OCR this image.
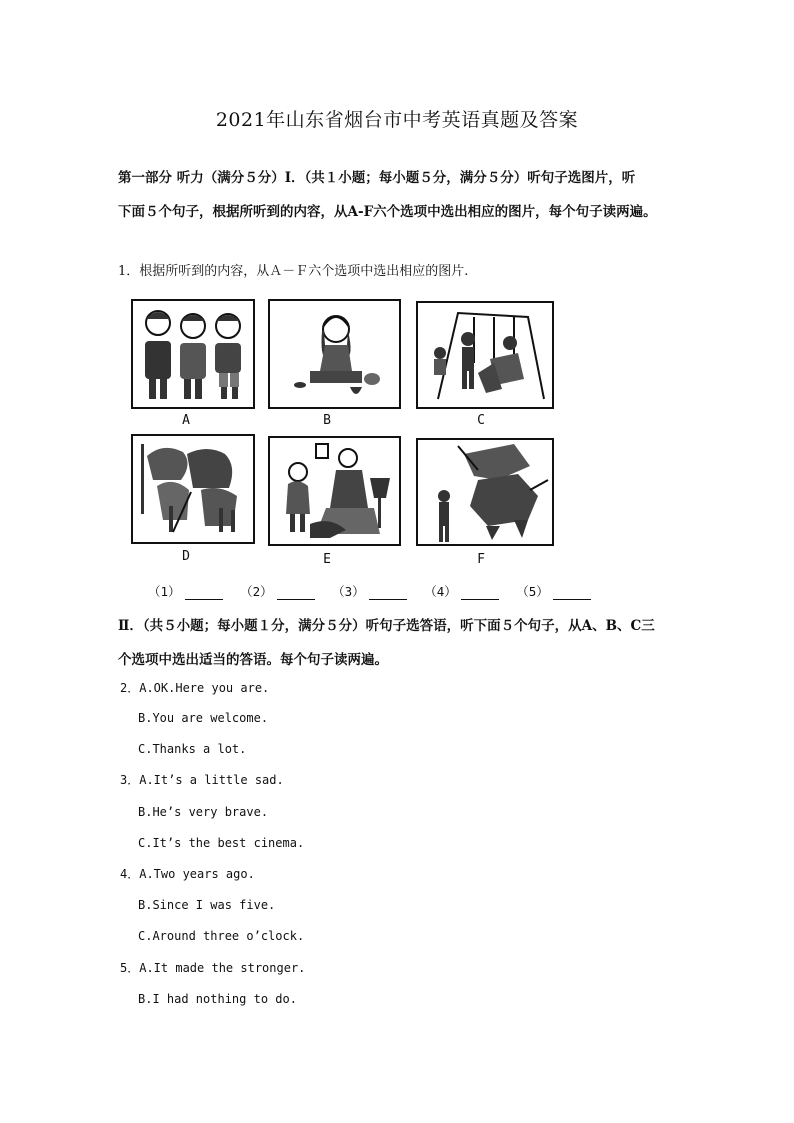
2021年山东省烟台市中考英语真题及答案
第一部分 听力（满分５分）Ⅰ．（共１小题；每小题５分，满分５分）听句子选图片，听
下面５个句子，根据所听到的内容，从A-F六个选项中选出相应的图片，每个句子读两遍。
1．根据所听到的内容，从Ａ－Ｆ六个选项中选出相应的图片.
A	B	C
D	E	F
（1）	（2）	（3）	（4）	（5）
Ⅱ．（共５小题；每小题１分，满分５分）听句子选答语，听下面５个句子，从A、B、C三
个选项中选出适当的答语。每个句子读两遍。
2．A.OK.Here you are.
B.You are welcome.
C.Thanks a lot.
3．A.It’s a little sad.
B.He’s very brave.
C.It’s the best cinema.
4．A.Two years ago.
B.Since I was five.
C.Around three o’clock.
5．A.It made the stronger.
B.I had nothing to do.
